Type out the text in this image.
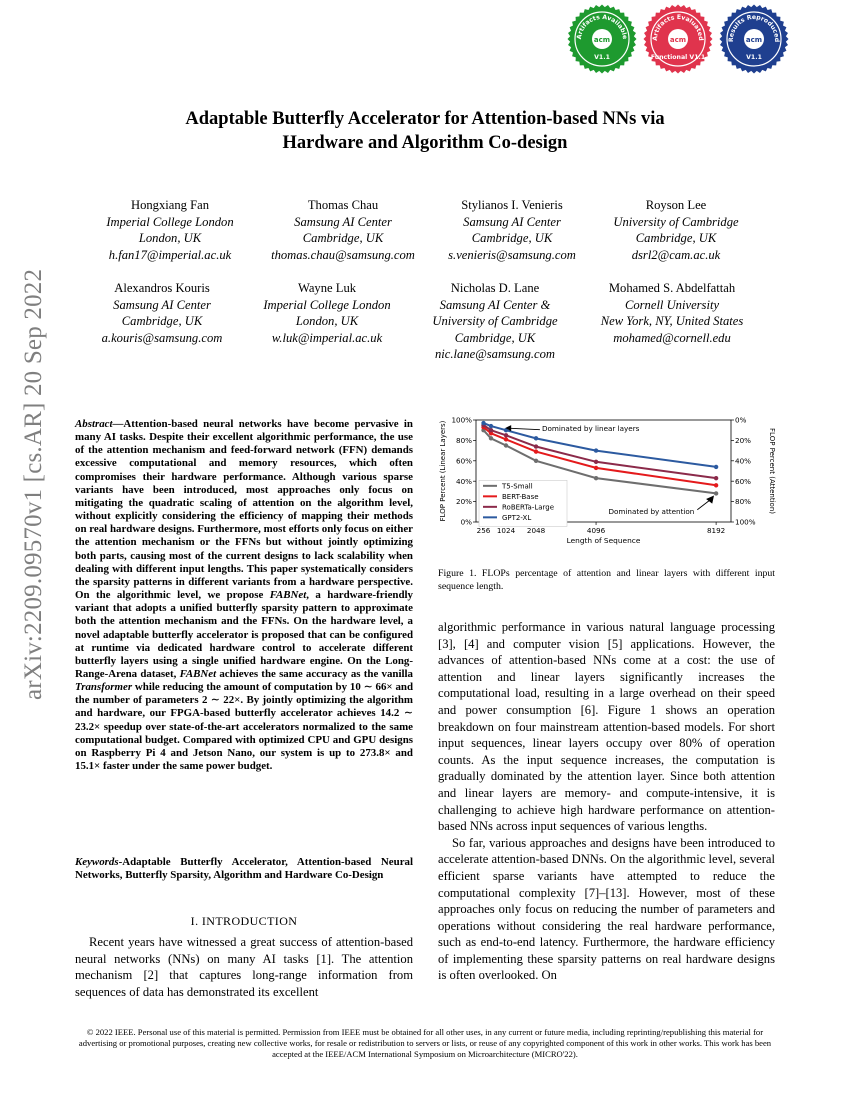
acm
Artifacts Available
V1.1
acm
Artifacts Evaluated
Functional V1.1
acm
Results Reproduced
V1.1
arXiv:2209.09570v1 [cs.AR] 20 Sep 2022
Adaptable Butterfly Accelerator for Attention-based NNs via
Hardware and Algorithm Co-design
Hongxiang Fan
Imperial College London
London, UK
h.fan17@imperial.ac.uk
Thomas Chau
Samsung AI Center
Cambridge, UK
thomas.chau@samsung.com
Stylianos I. Venieris
Samsung AI Center
Cambridge, UK
s.venieris@samsung.com
Royson Lee
University of Cambridge
Cambridge, UK
dsrl2@cam.ac.uk
Alexandros Kouris
Samsung AI Center
Cambridge, UK
a.kouris@samsung.com
Wayne Luk
Imperial College London
London, UK
w.luk@imperial.ac.uk
Nicholas D. Lane
Samsung AI Center &
University of Cambridge
Cambridge, UK
nic.lane@samsung.com
Mohamed S. Abdelfattah
Cornell University
New York, NY, United States
mohamed@cornell.edu
Abstract—Attention-based neural networks have become pervasive in many AI tasks. Despite their excellent algorithmic performance, the use of the attention mechanism and feed-forward network (FFN) demands excessive computational and memory resources, which often compromises their hardware performance. Although various sparse variants have been introduced, most approaches only focus on mitigating the quadratic scaling of attention on the algorithm level, without explicitly considering the efficiency of mapping their methods on real hardware designs. Furthermore, most efforts only focus on either the attention mechanism or the FFNs but without jointly optimizing both parts, causing most of the current designs to lack scalability when dealing with different input lengths. This paper systematically considers the sparsity patterns in different variants from a hardware perspective. On the algorithmic level, we propose FABNet, a hardware-friendly variant that adopts a unified butterfly sparsity pattern to approximate both the attention mechanism and the FFNs. On the hardware level, a novel adaptable butterfly accelerator is proposed that can be configured at runtime via dedicated hardware control to accelerate different butterfly layers using a single unified hardware engine. On the Long-Range-Arena dataset, FABNet achieves the same accuracy as the vanilla Transformer while reducing the amount of computation by 10 ∼ 66× and the number of parameters 2 ∼ 22×. By jointly optimizing the algorithm and hardware, our FPGA-based butterfly accelerator achieves 14.2 ∼ 23.2× speedup over state-of-the-art accelerators normalized to the same computational budget. Compared with optimized CPU and GPU designs on Raspberry Pi 4 and Jetson Nano, our system is up to 273.8× and 15.1× faster under the same power budget.
Keywords-Adaptable Butterfly Accelerator, Attention-based Neural Networks, Butterfly Sparsity, Algorithm and Hardware Co-Design
I. INTRODUCTION
Recent years have witnessed a great success of attention-based neural networks (NNs) on many AI tasks [1]. The attention mechanism [2] that captures long-range information from sequences of data has demonstrated its excellent
0%
20%
40%
60%
80%
100%
100%
80%
60%
40%
20%
0%
256 1024 2048	4096	8192
Length of Sequence
FLOP Percent (Linear Layers)	FLOP Percent (Attention)
T5-Small
BERT-Base
RoBERTa-Large
GPT2-XL
Dominated by linear layers
Dominated by attention
Figure 1. FLOPs percentage of attention and linear layers with different input sequence length.

algorithmic performance in various natural language processing [3], [4] and computer vision [5] applications. However, the advances of attention-based NNs come at a cost: the use of attention and linear layers significantly increases the computational load, resulting in a large overhead on their speed and power consumption [6]. Figure 1 shows an operation breakdown on four mainstream attention-based models. For short input sequences, linear layers occupy over 80% of operation counts. As the input sequence increases, the computation is gradually dominated by the attention layer. Since both attention and linear layers are memory- and compute-intensive, it is challenging to achieve high hardware performance on attention-based NNs across input sequences of various lengths.

So far, various approaches and designs have been introduced to accelerate attention-based DNNs. On the algorithmic level, several efficient sparse variants have attempted to reduce the computational complexity [7]–[13]. However, most of these approaches only focus on reducing the number of parameters and operations without considering the real hardware performance, such as end-to-end latency. Furthermore, the hardware efficiency of implementing these sparsity patterns on real hardware designs is often overlooked. On

© 2022 IEEE. Personal use of this material is permitted. Permission from IEEE must be obtained for all other uses, in any current or future media, including reprinting/republishing this material for advertising or promotional purposes, creating new collective works, for resale or redistribution to servers or lists, or reuse of any copyrighted component of this work in other works. This work has been accepted at the IEEE/ACM International Symposium on Microarchitecture (MICRO'22).
